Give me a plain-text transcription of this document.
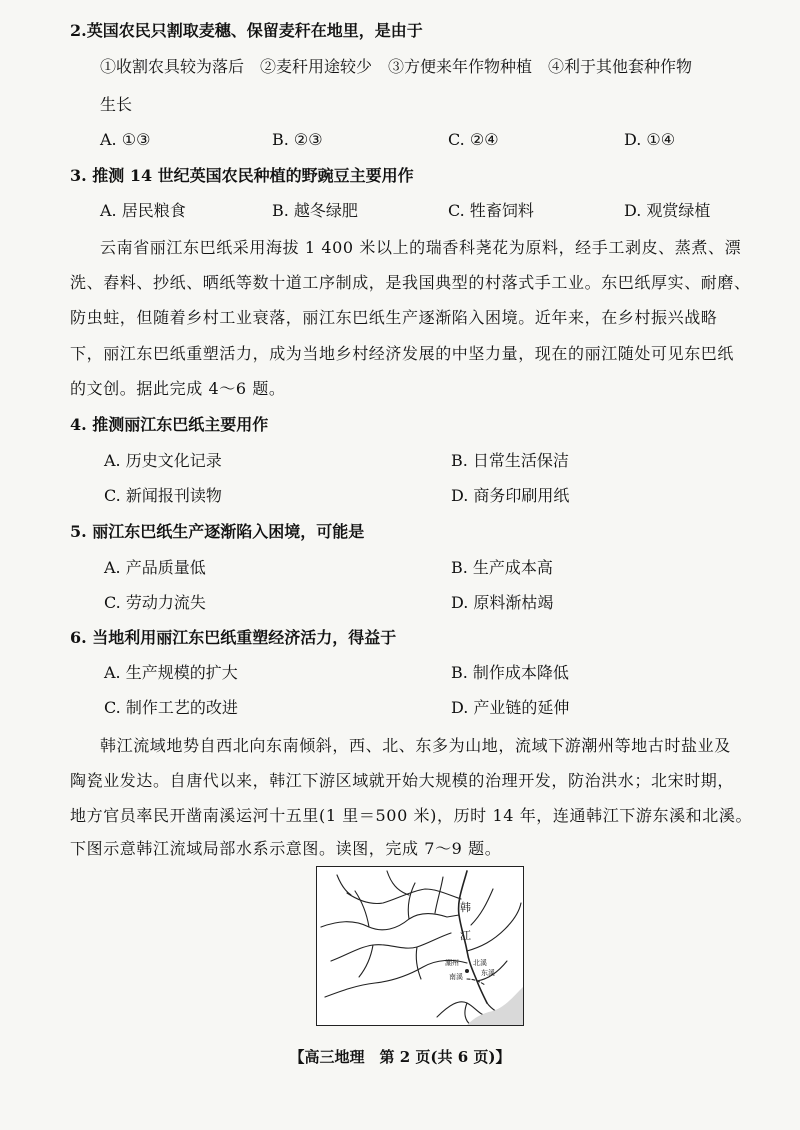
2.英国农民只割取麦穗、保留麦秆在地里，是由于
①收割农具较为落后　②麦秆用途较少　③方便来年作物种植　④利于其他套种作物
生长
A. ①③	B. ②③	C. ②④	D. ①④
3. 推测 14 世纪英国农民种植的野豌豆主要用作
A. 居民粮食	B. 越冬绿肥	C. 牲畜饲料	D. 观赏绿植
云南省丽江东巴纸采用海拔 1 400 米以上的瑞香科荛花为原料，经手工剥皮、蒸煮、漂
洗、舂料、抄纸、晒纸等数十道工序制成，是我国典型的村落式手工业。东巴纸厚实、耐磨、
防虫蛀，但随着乡村工业衰落，丽江东巴纸生产逐渐陷入困境。近年来，在乡村振兴战略
下，丽江东巴纸重塑活力，成为当地乡村经济发展的中坚力量，现在的丽江随处可见东巴纸
的文创。据此完成 4～6 题。
4. 推测丽江东巴纸主要用作
A. 历史文化记录	B. 日常生活保洁
C. 新闻报刊读物	D. 商务印刷用纸
5. 丽江东巴纸生产逐渐陷入困境，可能是
A. 产品质量低	B. 生产成本高
C. 劳动力流失	D. 原料渐枯竭
6. 当地利用丽江东巴纸重塑经济活力，得益于
A. 生产规模的扩大	B. 制作成本降低
C. 制作工艺的改进	D. 产业链的延伸
韩江流域地势自西北向东南倾斜，西、北、东多为山地，流域下游潮州等地古时盐业及
陶瓷业发达。自唐代以来，韩江下游区域就开始大规模的治理开发，防治洪水；北宋时期，
地方官员率民开凿南溪运河十五里(1 里＝500 米)，历时 14 年，连通韩江下游东溪和北溪。
下图示意韩江流域局部水系示意图。读图，完成 7～9 题。
韩
江
潮州 北溪
东溪
南溪
【高三地理　第 2 页(共 6 页)】
